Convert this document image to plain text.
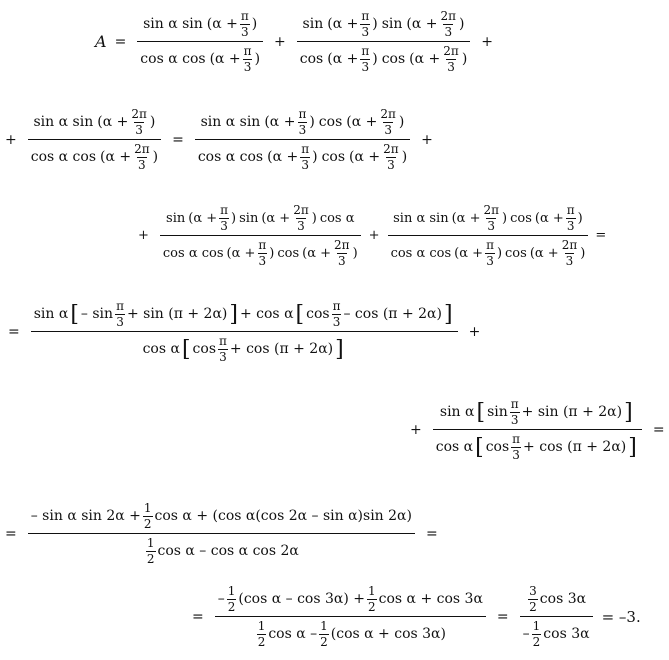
$A = \frac{\sin \alpha \sin ( \alpha + \frac{\pi}{3} )}{\cos \alpha \cos ( \alpha + \frac{\pi}{3} )} + \frac{\sin ( \alpha + \frac{\pi}{3} ) \sin ( \alpha + \frac{2\pi}{3} )}{\cos ( \alpha + \frac{\pi}{3} ) \cos ( \alpha + \frac{2\pi}{3} )}$ +
+ $\frac{\sin \alpha \sin ( \alpha + \frac{2\pi}{3} )}{\cos \alpha \cos ( \alpha + \frac{2\pi}{3} )} = \frac{\sin \alpha \sin ( \alpha + \frac{\pi}{3} ) \cos ( \alpha + \frac{2\pi}{3} )}{\cos \alpha \cos ( \alpha + \frac{\pi}{3} ) \cos ( \alpha + \frac{2\pi}{3} )}$ +
+ $\frac{\sin ( \alpha + \frac{\pi}{3} ) \sin ( \alpha + \frac{2\pi}{3} ) \cos \alpha}{\cos \alpha \cos ( \alpha + \frac{\pi}{3} ) \cos ( \alpha + \frac{2\pi}{3} )} + \frac{\sin \alpha \sin ( \alpha + \frac{2\pi}{3} ) \cos ( \alpha + \frac{\pi}{3} )}{\cos \alpha \cos ( \alpha + \frac{\pi}{3} ) \cos ( \alpha + \frac{2\pi}{3} )}$ =
=
sin α [ – sin
π
3 + sin (π + 2α) ] + cos α [ cos
π
3 – cos (π + 2α) ]
cos α [ cos
π
3 + cos (π + 2α) ]
+
+
sin α [ sin
π
3 + sin (π + 2α) ]
cos α [ cos
π
3 + cos (π + 2α) ]
=
=
– sin α $\sin 2\alpha + \frac{1}{2}$ cos α + (cos α(cos 2α – sin α)sin 2α)
1
2 cos α – cos α cos 2α
=
=
–
1
2 (cos $\alpha - \cos 3\alpha) + \frac{1}{2}$ cos α + cos 3α
1
2 cos α –
1
2 (cos α + cos 3α)
= 3
2 cos 3α
–
1
2 cos 3α = –3.
